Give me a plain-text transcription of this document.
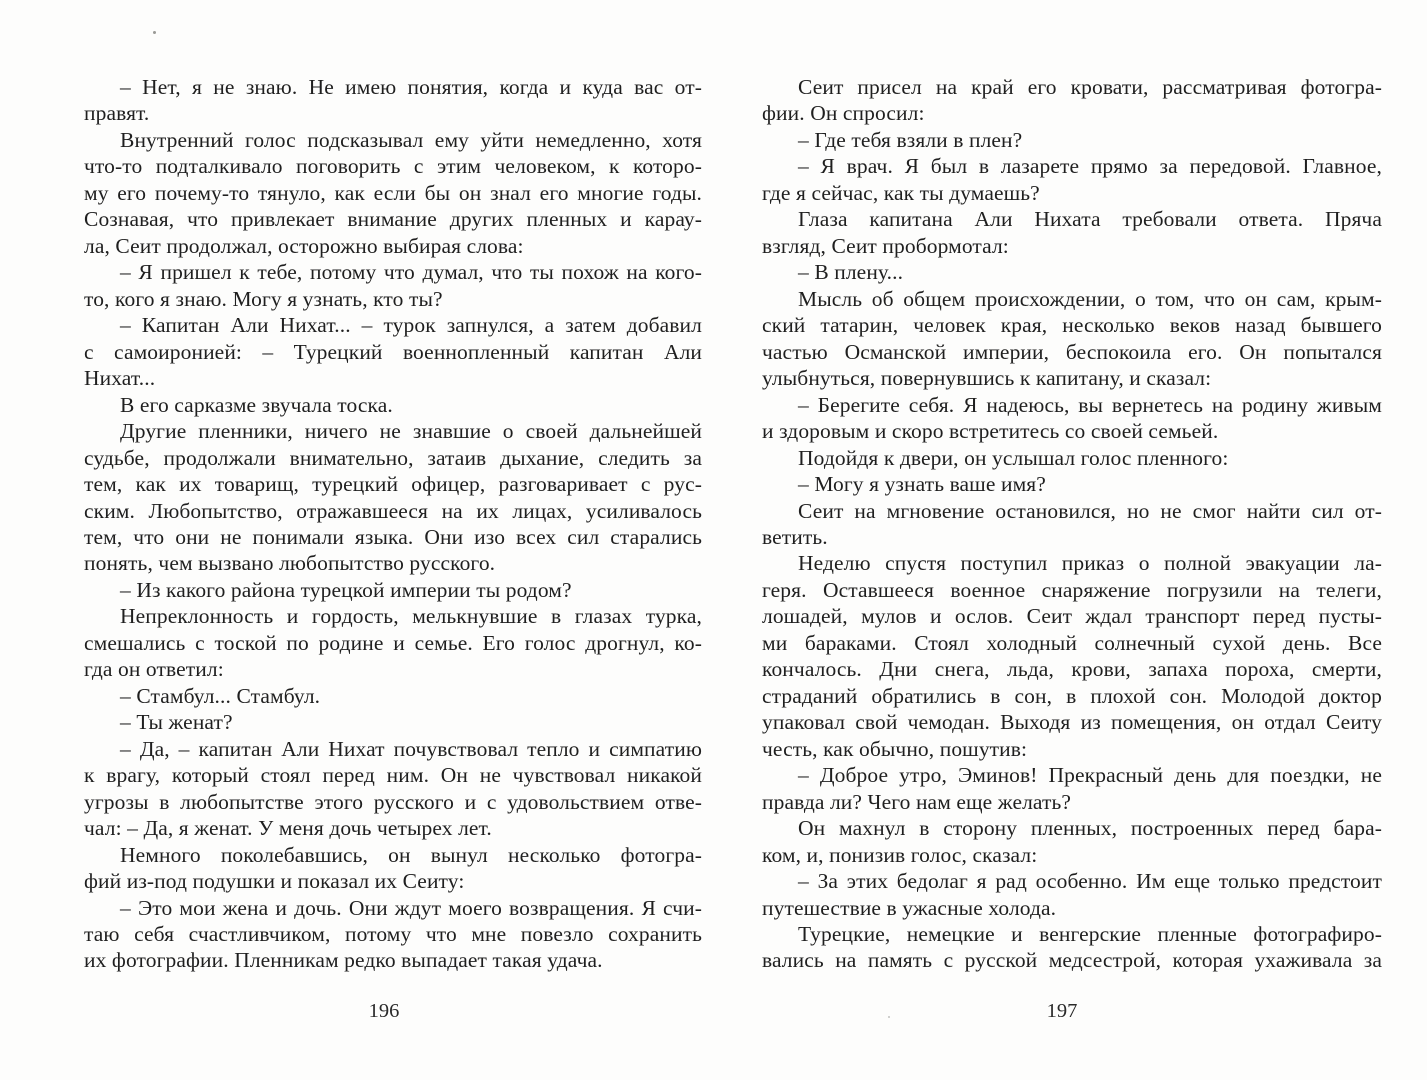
– Нет, я не знаю. Не имею понятия, когда и куда вас от-
правят.
Внутренний голос подсказывал ему уйти немедленно, хотя
что-то подталкивало поговорить с этим человеком, к которо-
му его почему-то тянуло, как если бы он знал его многие годы.
Сознавая, что привлекает внимание других пленных и карау-
ла, Сеит продолжал, осторожно выбирая слова:
– Я пришел к тебе, потому что думал, что ты похож на кого-
то, кого я знаю. Могу я узнать, кто ты?
– Капитан Али Нихат... – турок запнулся, а затем добавил
с самоиронией: – Турецкий военнопленный капитан Али
Нихат...
В его сарказме звучала тоска.
Другие пленники, ничего не знавшие о своей дальнейшей
судьбе, продолжали внимательно, затаив дыхание, следить за
тем, как их товарищ, турецкий офицер, разговаривает с рус-
ским. Любопытство, отражавшееся на их лицах, усиливалось
тем, что они не понимали языка. Они изо всех сил старались
понять, чем вызвано любопытство русского.
– Из какого района турецкой империи ты родом?
Непреклонность и гордость, мелькнувшие в глазах турка,
смешались с тоской по родине и семье. Его голос дрогнул, ко-
гда он ответил:
– Стамбул... Стамбул.
– Ты женат?
– Да, – капитан Али Нихат почувствовал тепло и симпатию
к врагу, который стоял перед ним. Он не чувствовал никакой
угрозы в любопытстве этого русского и с удовольствием отве-
чал: – Да, я женат. У меня дочь четырех лет.
Немного поколебавшись, он вынул несколько фотогра-
фий из-под подушки и показал их Сеиту:
– Это мои жена и дочь. Они ждут моего возвращения. Я счи-
таю себя счастливчиком, потому что мне повезло сохранить
их фотографии. Пленникам редко выпадает такая удача.
Сеит присел на край его кровати, рассматривая фотогра-
фии. Он спросил:
– Где тебя взяли в плен?
– Я врач. Я был в лазарете прямо за передовой. Главное,
где я сейчас, как ты думаешь?
Глаза капитана Али Нихата требовали ответа. Пряча
взгляд, Сеит пробормотал:
– В плену...
Мысль об общем происхождении, о том, что он сам, крым-
ский татарин, человек края, несколько веков назад бывшего
частью Османской империи, беспокоила его. Он попытался
улыбнуться, повернувшись к капитану, и сказал:
– Берегите себя. Я надеюсь, вы вернетесь на родину живым
и здоровым и скоро встретитесь со своей семьей.
Подойдя к двери, он услышал голос пленного:
– Могу я узнать ваше имя?
Сеит на мгновение остановился, но не смог найти сил от-
ветить.
Неделю спустя поступил приказ о полной эвакуации ла-
геря. Оставшееся военное снаряжение погрузили на телеги,
лошадей, мулов и ослов. Сеит ждал транспорт перед пусты-
ми бараками. Стоял холодный солнечный сухой день. Все
кончалось. Дни снега, льда, крови, запаха пороха, смерти,
страданий обратились в сон, в плохой сон. Молодой доктор
упаковал свой чемодан. Выходя из помещения, он отдал Сеиту
честь, как обычно, пошутив:
– Доброе утро, Эминов! Прекрасный день для поездки, не
правда ли? Чего нам еще желать?
Он махнул в сторону пленных, построенных перед бара-
ком, и, понизив голос, сказал:
– За этих бедолаг я рад особенно. Им еще только предстоит
путешествие в ужасные холода.
Турецкие, немецкие и венгерские пленные фотографиро-
вались на память с русской медсестрой, которая ухаживала за
196	197
